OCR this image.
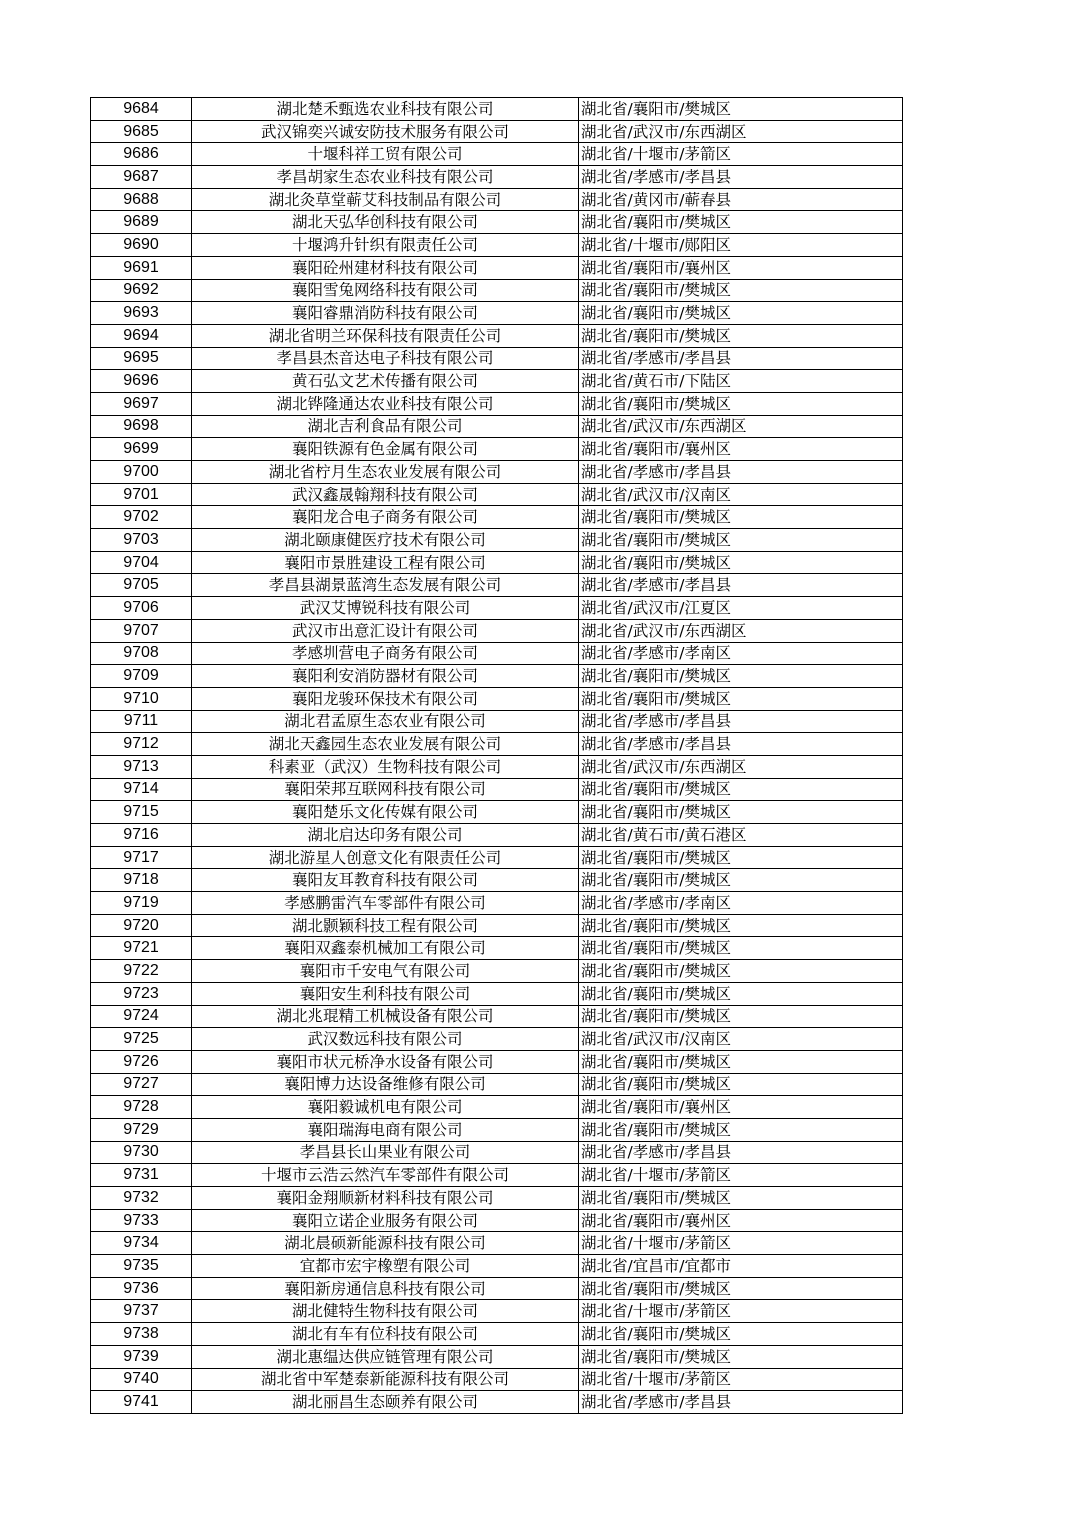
9684	湖北楚禾甄选农业科技有限公司	湖北省/襄阳市/樊城区
9685	武汉锦奕兴诚安防技术服务有限公司	湖北省/武汉市/东西湖区
9686	十堰科祥工贸有限公司	湖北省/十堰市/茅箭区
9687	孝昌胡家生态农业科技有限公司	湖北省/孝感市/孝昌县
9688	湖北灸草堂蕲艾科技制品有限公司	湖北省/黄冈市/蕲春县
9689	湖北天弘华创科技有限公司	湖北省/襄阳市/樊城区
9690	十堰鸿升针织有限责任公司	湖北省/十堰市/郧阳区
9691	襄阳砼州建材科技有限公司	湖北省/襄阳市/襄州区
9692	襄阳雪兔网络科技有限公司	湖北省/襄阳市/樊城区
9693	襄阳睿鼎消防科技有限公司	湖北省/襄阳市/樊城区
9694	湖北省明兰环保科技有限责任公司	湖北省/襄阳市/樊城区
9695	孝昌县杰音达电子科技有限公司	湖北省/孝感市/孝昌县
9696	黄石弘文艺术传播有限公司	湖北省/黄石市/下陆区
9697	湖北铧隆通达农业科技有限公司	湖北省/襄阳市/樊城区
9698	湖北吉利食品有限公司	湖北省/武汉市/东西湖区
9699	襄阳铁源有色金属有限公司	湖北省/襄阳市/襄州区
9700	湖北省柠月生态农业发展有限公司	湖北省/孝感市/孝昌县
9701	武汉鑫晟翰翔科技有限公司	湖北省/武汉市/汉南区
9702	襄阳龙合电子商务有限公司	湖北省/襄阳市/樊城区
9703	湖北颐康健医疗技术有限公司	湖北省/襄阳市/樊城区
9704	襄阳市景胜建设工程有限公司	湖北省/襄阳市/樊城区
9705	孝昌县湖景蓝湾生态发展有限公司	湖北省/孝感市/孝昌县
9706	武汉艾博锐科技有限公司	湖北省/武汉市/江夏区
9707	武汉市出意汇设计有限公司	湖北省/武汉市/东西湖区
9708	孝感圳营电子商务有限公司	湖北省/孝感市/孝南区
9709	襄阳利安消防器材有限公司	湖北省/襄阳市/樊城区
9710	襄阳龙骏环保技术有限公司	湖北省/襄阳市/樊城区
9711	湖北君孟原生态农业有限公司	湖北省/孝感市/孝昌县
9712	湖北天鑫园生态农业发展有限公司	湖北省/孝感市/孝昌县
9713	科素亚（武汉）生物科技有限公司	湖北省/武汉市/东西湖区
9714	襄阳荣邦互联网科技有限公司	湖北省/襄阳市/樊城区
9715	襄阳楚乐文化传媒有限公司	湖北省/襄阳市/樊城区
9716	湖北启达印务有限公司	湖北省/黄石市/黄石港区
9717	湖北游星人创意文化有限责任公司	湖北省/襄阳市/樊城区
9718	襄阳友耳教育科技有限公司	湖北省/襄阳市/樊城区
9719	孝感鹏雷汽车零部件有限公司	湖北省/孝感市/孝南区
9720	湖北颢颖科技工程有限公司	湖北省/襄阳市/樊城区
9721	襄阳双鑫泰机械加工有限公司	湖北省/襄阳市/樊城区
9722	襄阳市千安电气有限公司	湖北省/襄阳市/樊城区
9723	襄阳安生利科技有限公司	湖北省/襄阳市/樊城区
9724	湖北兆琨精工机械设备有限公司	湖北省/襄阳市/樊城区
9725	武汉数远科技有限公司	湖北省/武汉市/汉南区
9726	襄阳市状元桥净水设备有限公司	湖北省/襄阳市/樊城区
9727	襄阳博力达设备维修有限公司	湖北省/襄阳市/樊城区
9728	襄阳毅诚机电有限公司	湖北省/襄阳市/襄州区
9729	襄阳瑞海电商有限公司	湖北省/襄阳市/樊城区
9730	孝昌县长山果业有限公司	湖北省/孝感市/孝昌县
9731	十堰市云浩云然汽车零部件有限公司	湖北省/十堰市/茅箭区
9732	襄阳金翔顺新材料科技有限公司	湖北省/襄阳市/樊城区
9733	襄阳立诺企业服务有限公司	湖北省/襄阳市/襄州区
9734	湖北晨硕新能源科技有限公司	湖北省/十堰市/茅箭区
9735	宜都市宏宇橡塑有限公司	湖北省/宜昌市/宜都市
9736	襄阳新房通信息科技有限公司	湖北省/襄阳市/樊城区
9737	湖北健特生物科技有限公司	湖北省/十堰市/茅箭区
9738	湖北有车有位科技有限公司	湖北省/襄阳市/樊城区
9739	湖北惠缊达供应链管理有限公司	湖北省/襄阳市/樊城区
9740	湖北省中军楚泰新能源科技有限公司	湖北省/十堰市/茅箭区
9741	湖北丽昌生态颐养有限公司	湖北省/孝感市/孝昌县
